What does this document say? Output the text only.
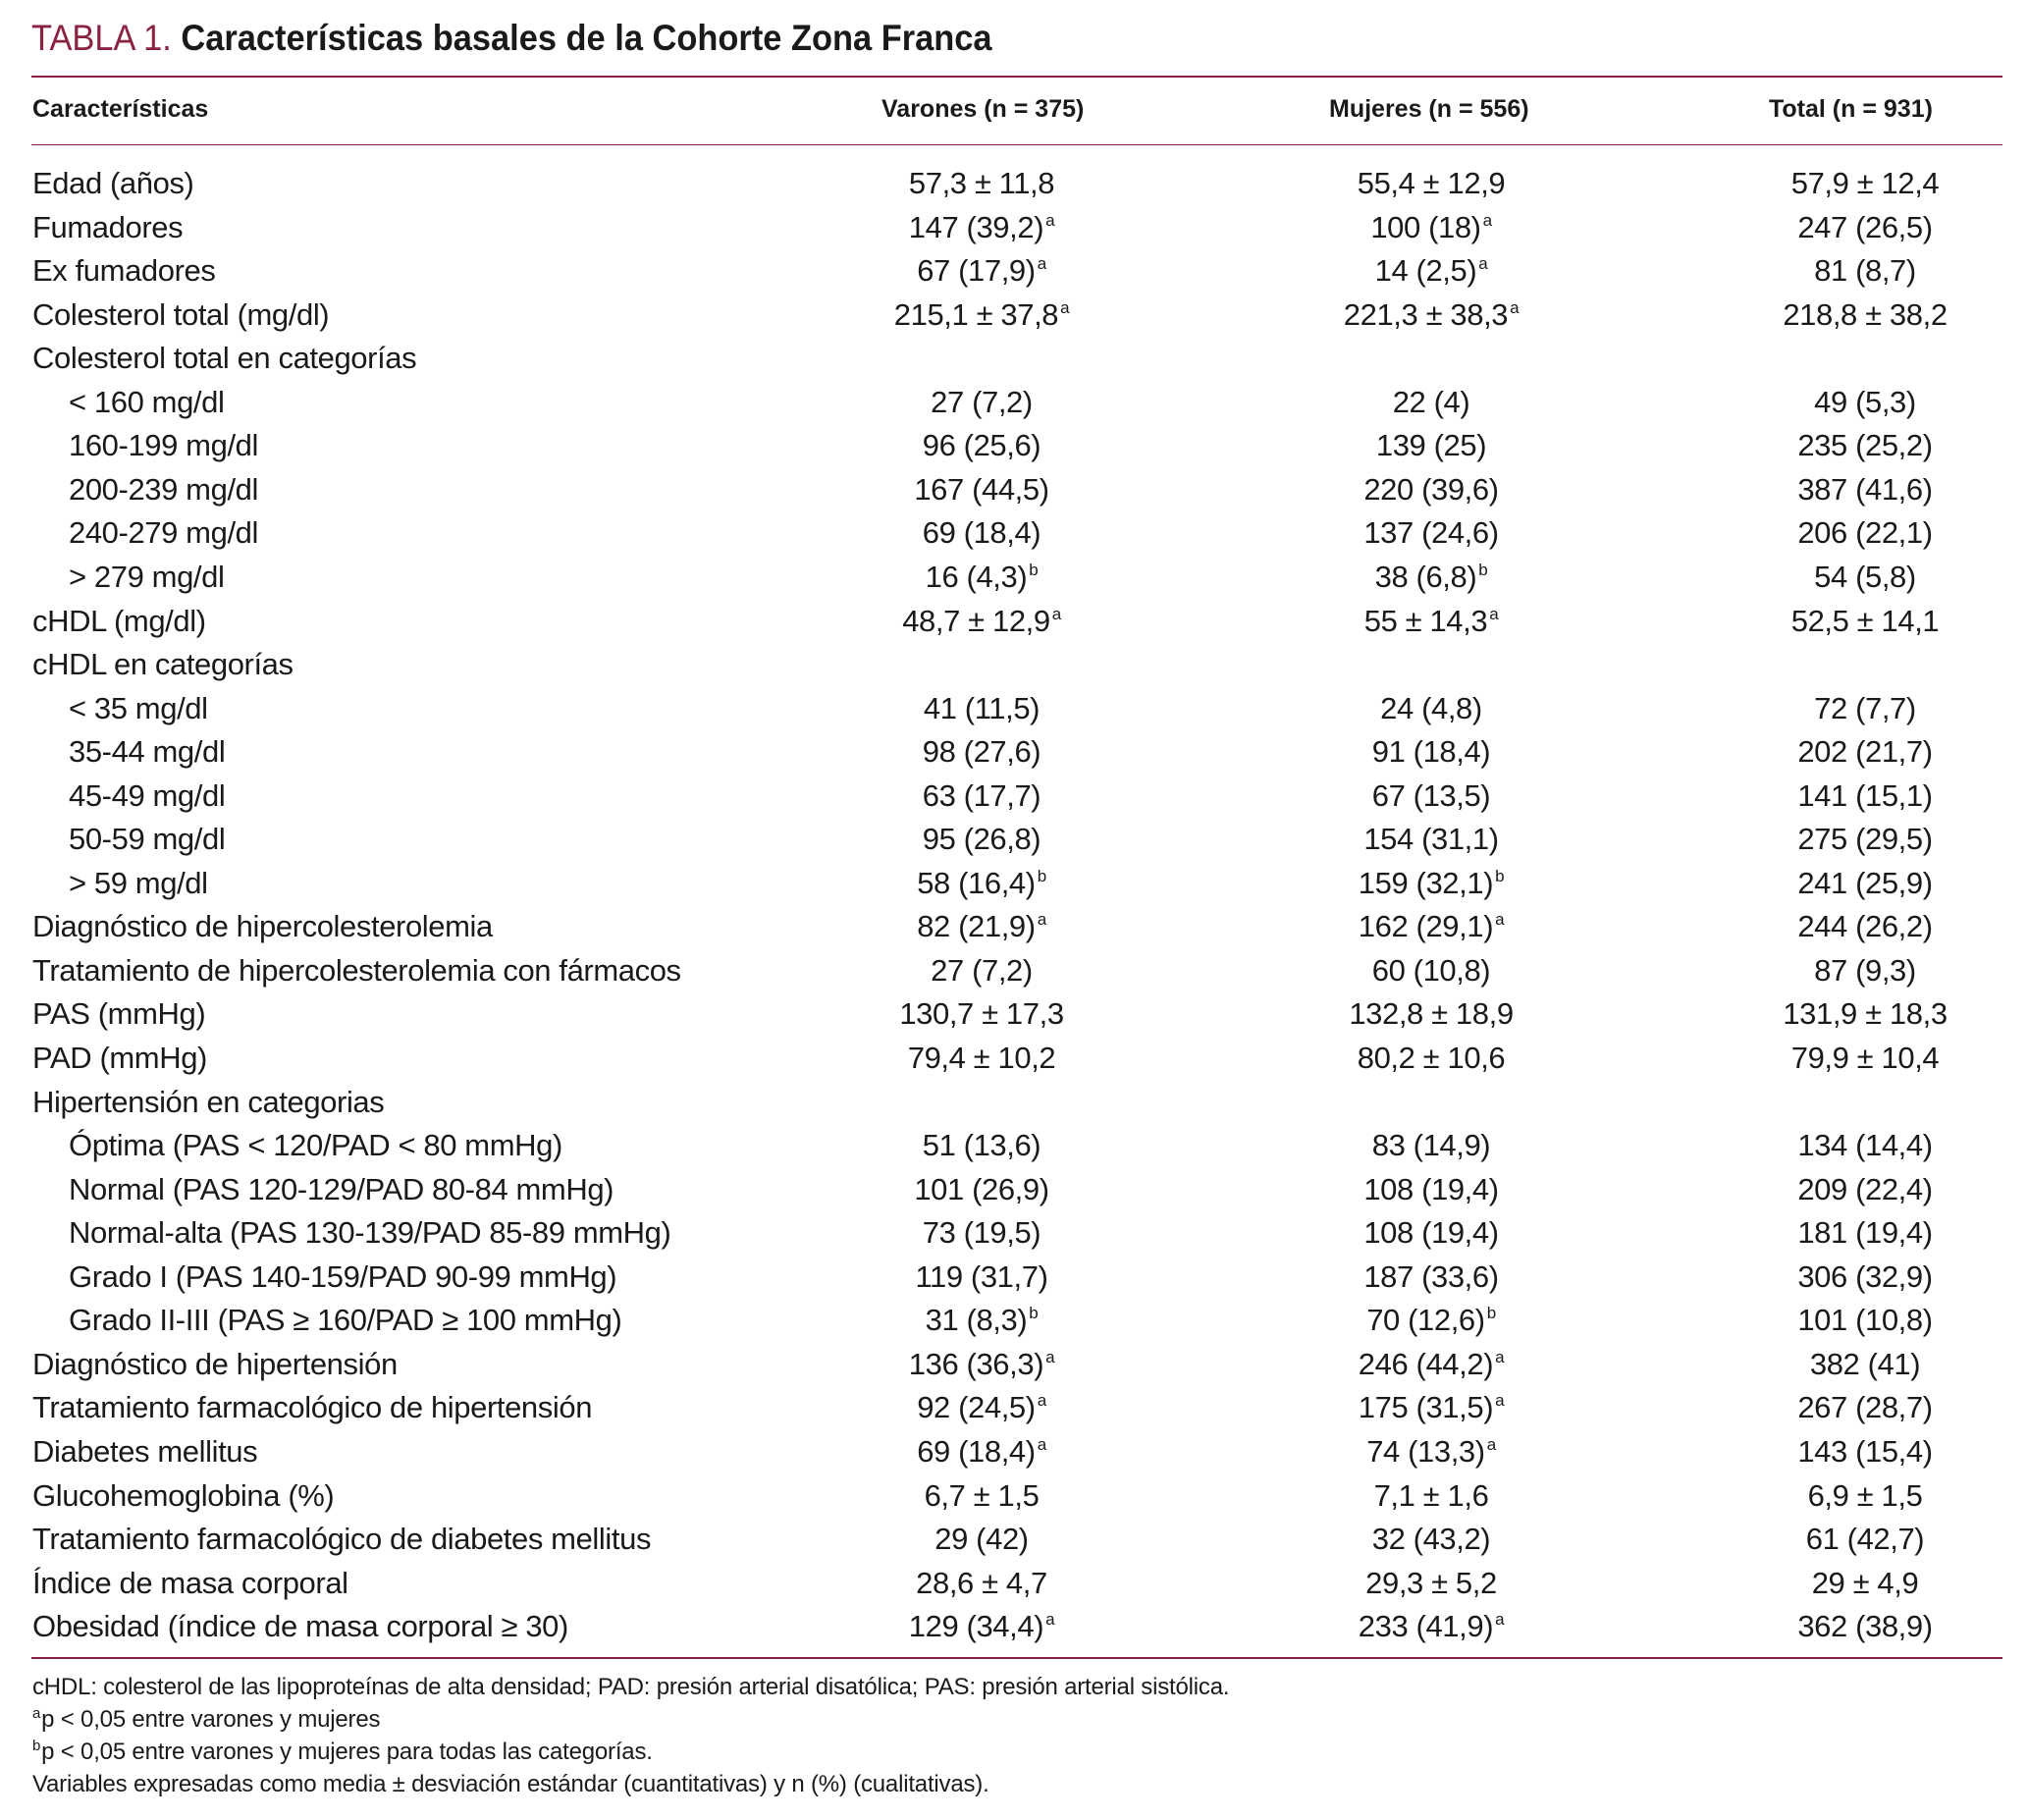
TABLA 1. Características basales de la Cohorte Zona Franca
Características	Varones (n = 375)	Mujeres (n = 556)	Total (n = 931)
Edad (años)	57,3 ± 11,8	55,4 ± 12,9	57,9 ± 12,4
Fumadores	147 (39,2) $^a$	100 (18) $^a$	247 (26,5)
Ex fumadores	67 (17,9) $^a$	14 (2,5) $^a$	81 (8,7)
Colesterol total (mg/dl)	215,1 ± 37,8 $^a$	221,3 ± 38,3 $^a$	218,8 ± 38,2
Colesterol total en categorías
< 160 mg/dl	27 (7,2)	22 (4)	49 (5,3)
160-199 mg/dl	96 (25,6)	139 (25)	235 (25,2)
200-239 mg/dl	167 (44,5)	220 (39,6)	387 (41,6)
240-279 mg/dl	69 (18,4)	137 (24,6)	206 (22,1)
> 279 mg/dl	16 (4,3) $^b$	38 (6,8) $^b$	54 (5,8)
cHDL (mg/dl)	48,7 ± 12,9 $^a$	55 ± 14,3 $^a$	52,5 ± 14,1
cHDL en categorías
< 35 mg/dl	41 (11,5)	24 (4,8)	72 (7,7)
35-44 mg/dl	98 (27,6)	91 (18,4)	202 (21,7)
45-49 mg/dl	63 (17,7)	67 (13,5)	141 (15,1)
50-59 mg/dl	95 (26,8)	154 (31,1)	275 (29,5)
> 59 mg/dl	58 (16,4) $^b$	159 (32,1) $^b$	241 (25,9)
Diagnóstico de hipercolesterolemia	82 (21,9) $^a$	162 (29,1) $^a$	244 (26,2)
Tratamiento de hipercolesterolemia con fármacos	27 (7,2)	60 (10,8)	87 (9,3)
PAS (mmHg)	130,7 ± 17,3	132,8 ± 18,9	131,9 ± 18,3
PAD (mmHg)	79,4 ± 10,2	80,2 ± 10,6	79,9 ± 10,4
Hipertensión en categorias
Óptima (PAS < 120/PAD < 80 mmHg)	51 (13,6)	83 (14,9)	134 (14,4)
Normal (PAS 120-129/PAD 80-84 mmHg)	101 (26,9)	108 (19,4)	209 (22,4)
Normal-alta (PAS 130-139/PAD 85-89 mmHg)	73 (19,5)	108 (19,4)	181 (19,4)
Grado I (PAS 140-159/PAD 90-99 mmHg)	119 (31,7)	187 (33,6)	306 (32,9)
Grado II-III (PAS ≥ 160/PAD ≥ 100 mmHg)	31 (8,3) $^b$	70 (12,6) $^b$	101 (10,8)
Diagnóstico de hipertensión	136 (36,3) $^a$	246 (44,2) $^a$	382 (41)
Tratamiento farmacológico de hipertensión	92 (24,5) $^a$	175 (31,5) $^a$	267 (28,7)
Diabetes mellitus	69 (18,4) $^a$	74 (13,3) $^a$	143 (15,4)
Glucohemoglobina (%)	6,7 ± 1,5	7,1 ± 1,6	6,9 ± 1,5
Tratamiento farmacológico de diabetes mellitus	29 (42)	32 (43,2)	61 (42,7)
Índice de masa corporal	28,6 ± 4,7	29,3 ± 5,2	29 ± 4,9
Obesidad (índice de masa corporal ≥ 30)	129 (34,4) $^a$	233 (41,9) $^a$	362 (38,9)
cHDL: colesterol de las lipoproteínas de alta densidad; PAD: presión arterial disatólica; PAS: presión arterial sistólica.
$^a$p < 0,05 entre varones y mujeres
$^b$p < 0,05 entre varones y mujeres para todas las categorías.
Variables expresadas como media ± desviación estándar (cuantitativas) y n (%) (cualitativas).
